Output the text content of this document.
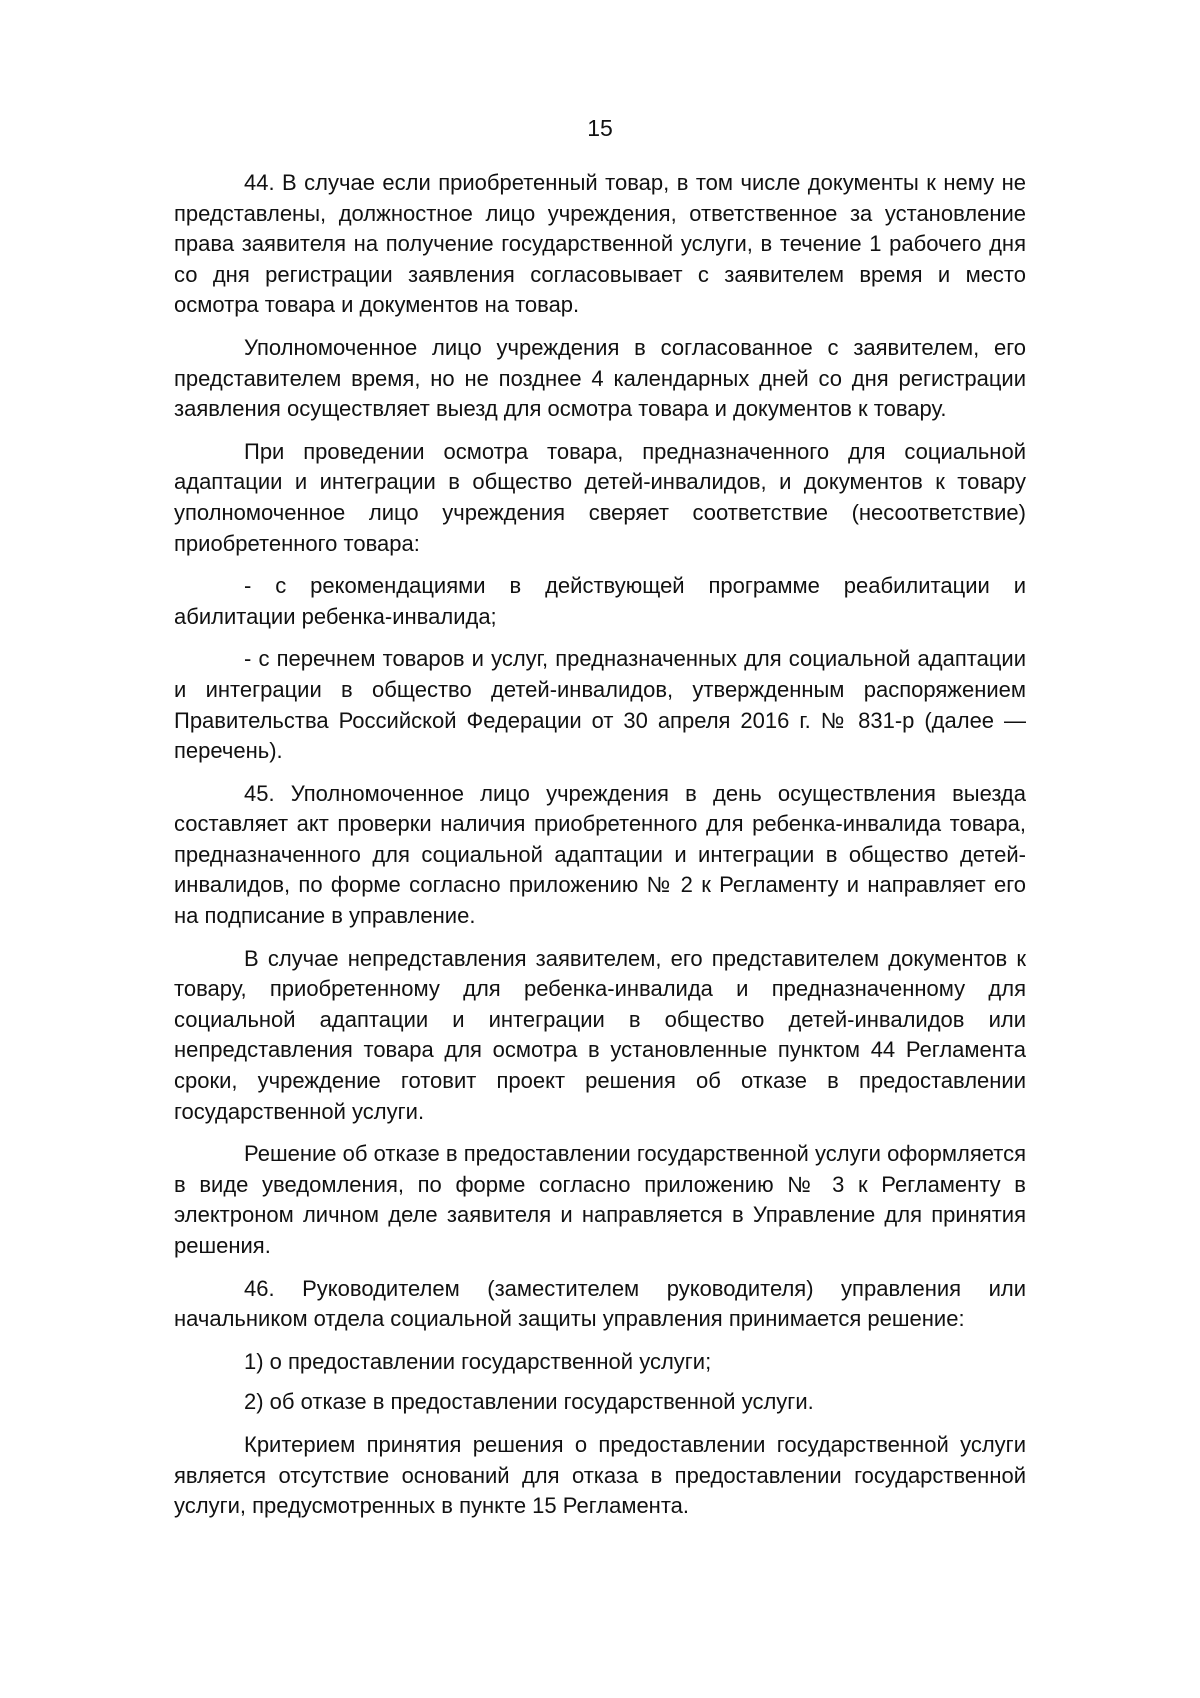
15

44. В случае если приобретенный товар, в том числе документы к нему не представлены, должностное лицо учреждения, ответственное за установление права заявителя на получение государственной услуги, в течение 1 рабочего дня со дня регистрации заявления согласовывает с заявителем время и место осмотра товара и документов на товар.

Уполномоченное лицо учреждения в согласованное с заявителем, его представителем время, но не позднее 4 календарных дней со дня регистрации заявления осуществляет выезд для осмотра товара и документов к товару.

При проведении осмотра товара, предназначенного для социальной адаптации и интеграции в общество детей-инвалидов, и документов к товару уполномоченное лицо учреждения сверяет соответствие (несоответствие) приобретенного товара:

- с рекомендациями в действующей программе реабилитации и абилитации ребенка-инвалида;

- с перечнем товаров и услуг, предназначенных для социальной адаптации и интеграции в общество детей-инвалидов, утвержденным распоряжением Правительства Российской Федерации от 30 апреля 2016 г. № 831-р (далее — перечень).

45. Уполномоченное лицо учреждения в день осуществления выезда составляет акт проверки наличия приобретенного для ребенка-инвалида товара, предназначенного для социальной адаптации и интеграции в общество детей-инвалидов, по форме согласно приложению № 2 к Регламенту и направляет его на подписание в управление.

В случае непредставления заявителем, его представителем документов к товару, приобретенному для ребенка-инвалида и предназначенному для социальной адаптации и интеграции в общество детей-инвалидов или непредставления товара для осмотра в установленные пунктом 44 Регламента сроки, учреждение готовит проект решения об отказе в предоставлении государственной услуги.

Решение об отказе в предоставлении государственной услуги оформляется в виде уведомления, по форме согласно приложению № 3 к Регламенту в электроном личном деле заявителя и направляется в Управление для принятия решения.

46. Руководителем (заместителем руководителя) управления или начальником отдела социальной защиты управления принимается решение:

1) о предоставлении государственной услуги;

2) об отказе в предоставлении государственной услуги.

Критерием принятия решения о предоставлении государственной услуги является отсутствие оснований для отказа в предоставлении государственной услуги, предусмотренных в пункте 15 Регламента.
